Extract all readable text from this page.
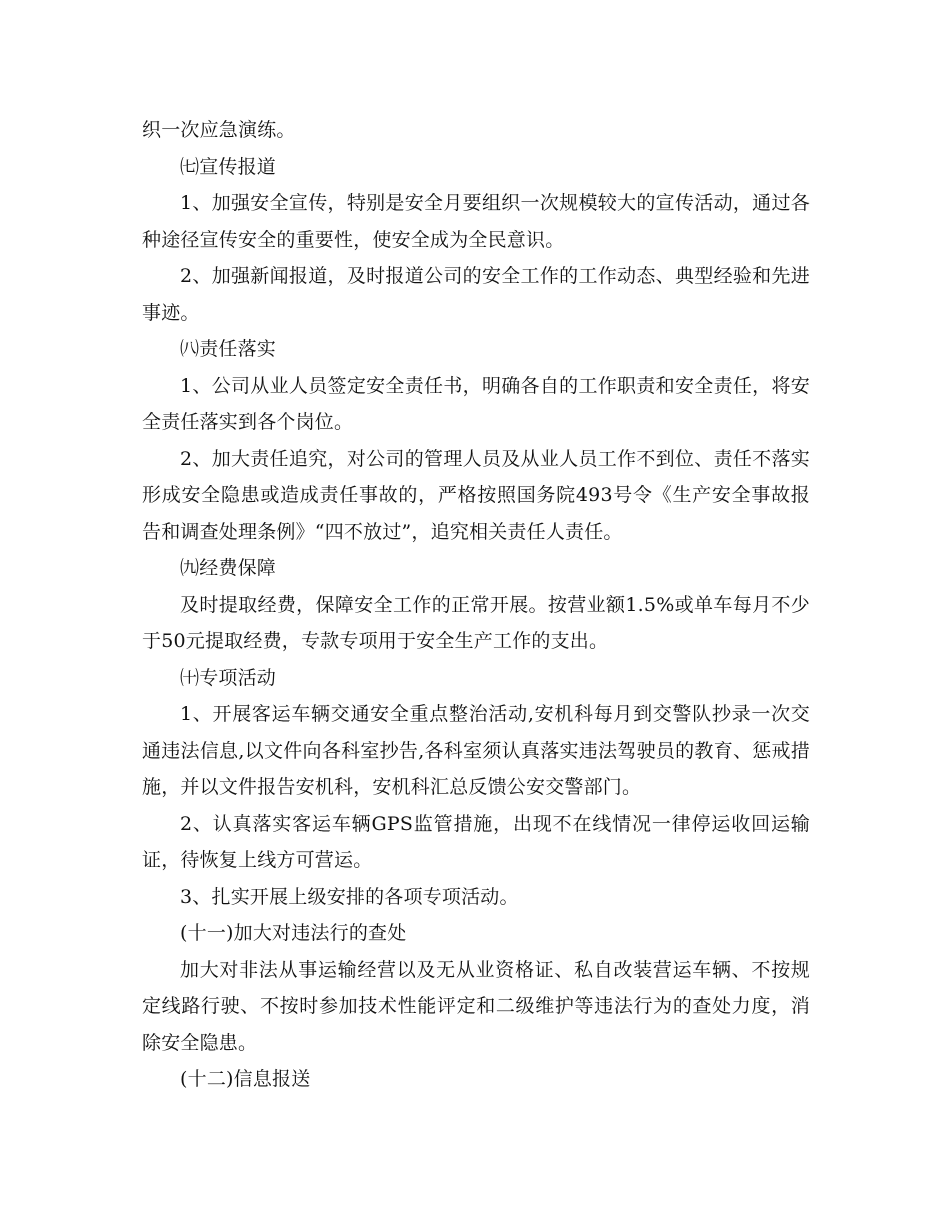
织一次应急演练。

㈦宣传报道

1、加强安全宣传，特别是安全月要组织一次规模较大的宣传活动，通过各种途径宣传安全的重要性，使安全成为全民意识。

2、加强新闻报道，及时报道公司的安全工作的工作动态、典型经验和先进事迹。

㈧责任落实

1、公司从业人员签定安全责任书，明确各自的工作职责和安全责任，将安全责任落实到各个岗位。

2、加大责任追究，对公司的管理人员及从业人员工作不到位、责任不落实形成安全隐患或造成责任事故的，严格按照国务院493号令《生产安全事故报告和调查处理条例》“四不放过”，追究相关责任人责任。

㈨经费保障

及时提取经费，保障安全工作的正常开展。按营业额1.5%或单车每月不少于50元提取经费，专款专项用于安全生产工作的支出。

㈩专项活动

1、开展客运车辆交通安全重点整治活动,安机科每月到交警队抄录一次交通违法信息,以文件向各科室抄告,各科室须认真落实违法驾驶员的教育、惩戒措施，并以文件报告安机科，安机科汇总反馈公安交警部门。

2、认真落实客运车辆GPS监管措施，出现不在线情况一律停运收回运输证，待恢复上线方可营运。

3、扎实开展上级安排的各项专项活动。

(十一)加大对违法行的查处

加大对非法从事运输经营以及无从业资格证、私自改装营运车辆、不按规定线路行驶、不按时参加技术性能评定和二级维护等违法行为的查处力度，消除安全隐患。

(十二)信息报送
